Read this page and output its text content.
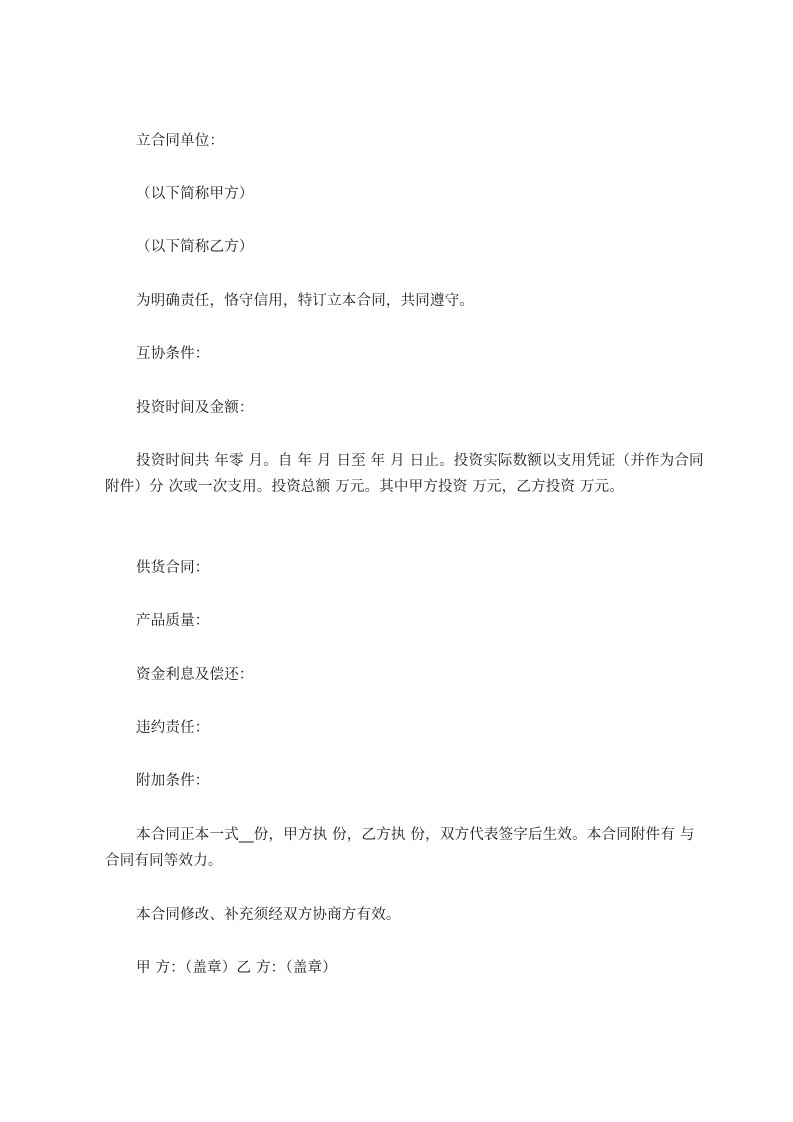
立合同单位：

（以下简称甲方）

（以下简称乙方）

为明确责任，恪守信用，特订立本合同，共同遵守。

互协条件：

投资时间及金额：

投资时间共 年零 月。自 年 月 日至 年 月 日止。投资实际数额以支用凭证（并作为合同附件）分 次或一次支用。投资总额 万元。其中甲方投资 万元，乙方投资 万元。

供货合同：

产品质量：

资金利息及偿还：

违约责任：

附加条件：

本合同正本一式__份，甲方执 份，乙方执 份，双方代表签字后生效。本合同附件有 与合同有同等效力。

本合同修改、补充须经双方协商方有效。

甲 方：（盖章）乙 方：（盖章）
